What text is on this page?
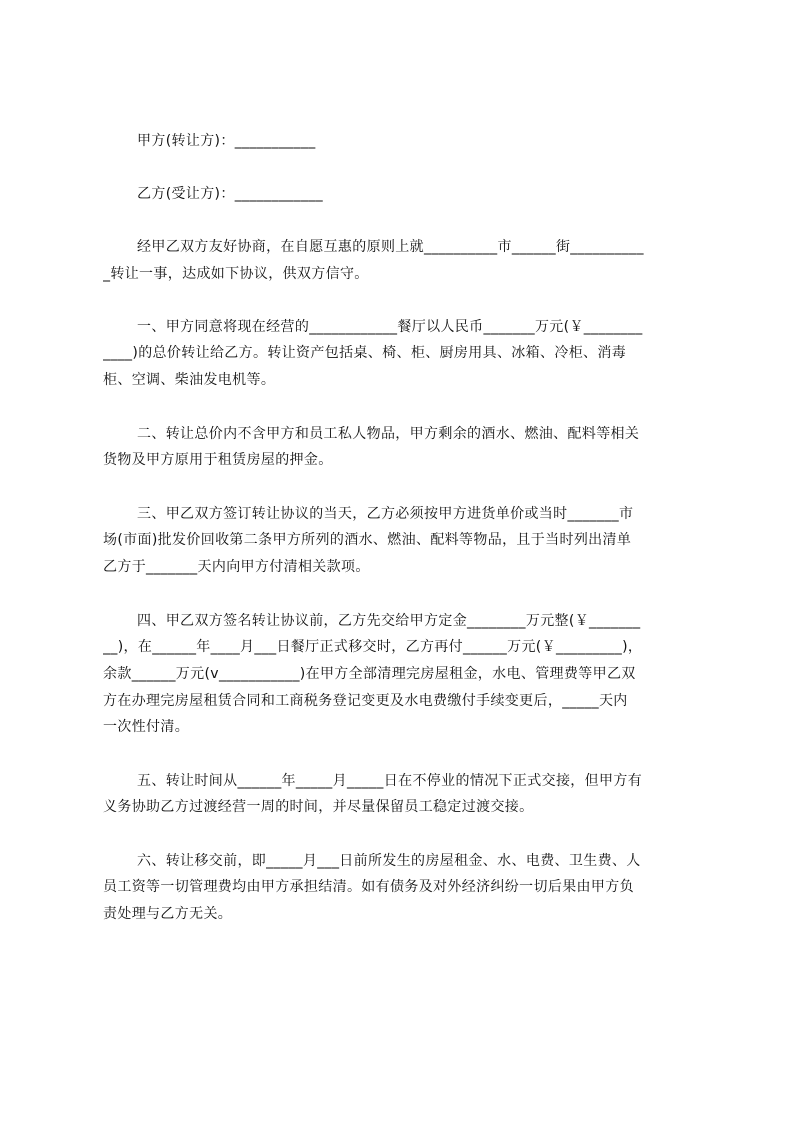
甲方(转让方)：___________
乙方(受让方)：____________
经甲乙双方友好协商，在自愿互惠的原则上就__________市______街__________
_转让一事，达成如下协议，供双方信守。
一、甲方同意将现在经营的____________餐厅以人民币_______万元(￥________
____)的总价转让给乙方。转让资产包括桌、椅、柜、厨房用具、冰箱、冷柜、消毒
柜、空调、柴油发电机等。
二、转让总价内不含甲方和员工私人物品，甲方剩余的酒水、燃油、配料等相关
货物及甲方原用于租赁房屋的押金。
三、甲乙双方签订转让协议的当天，乙方必须按甲方进货单价或当时_______市
场(市面)批发价回收第二条甲方所列的酒水、燃油、配料等物品，且于当时列出清单
乙方于_______天内向甲方付清相关款项。
四、甲乙双方签名转让协议前，乙方先交给甲方定金________万元整(￥_______
__)，在______年____月___日餐厅正式移交时，乙方再付______万元(￥_________)，
余款______万元(v___________)在甲方全部清理完房屋租金，水电、管理费等甲乙双
方在办理完房屋租赁合同和工商税务登记变更及水电费缴付手续变更后，_____天内
一次性付清。
五、转让时间从______年_____月_____日在不停业的情况下正式交接，但甲方有
义务协助乙方过渡经营一周的时间，并尽量保留员工稳定过渡交接。
六、转让移交前，即_____月___日前所发生的房屋租金、水、电费、卫生费、人
员工资等一切管理费均由甲方承担结清。如有债务及对外经济纠纷一切后果由甲方负
责处理与乙方无关。
